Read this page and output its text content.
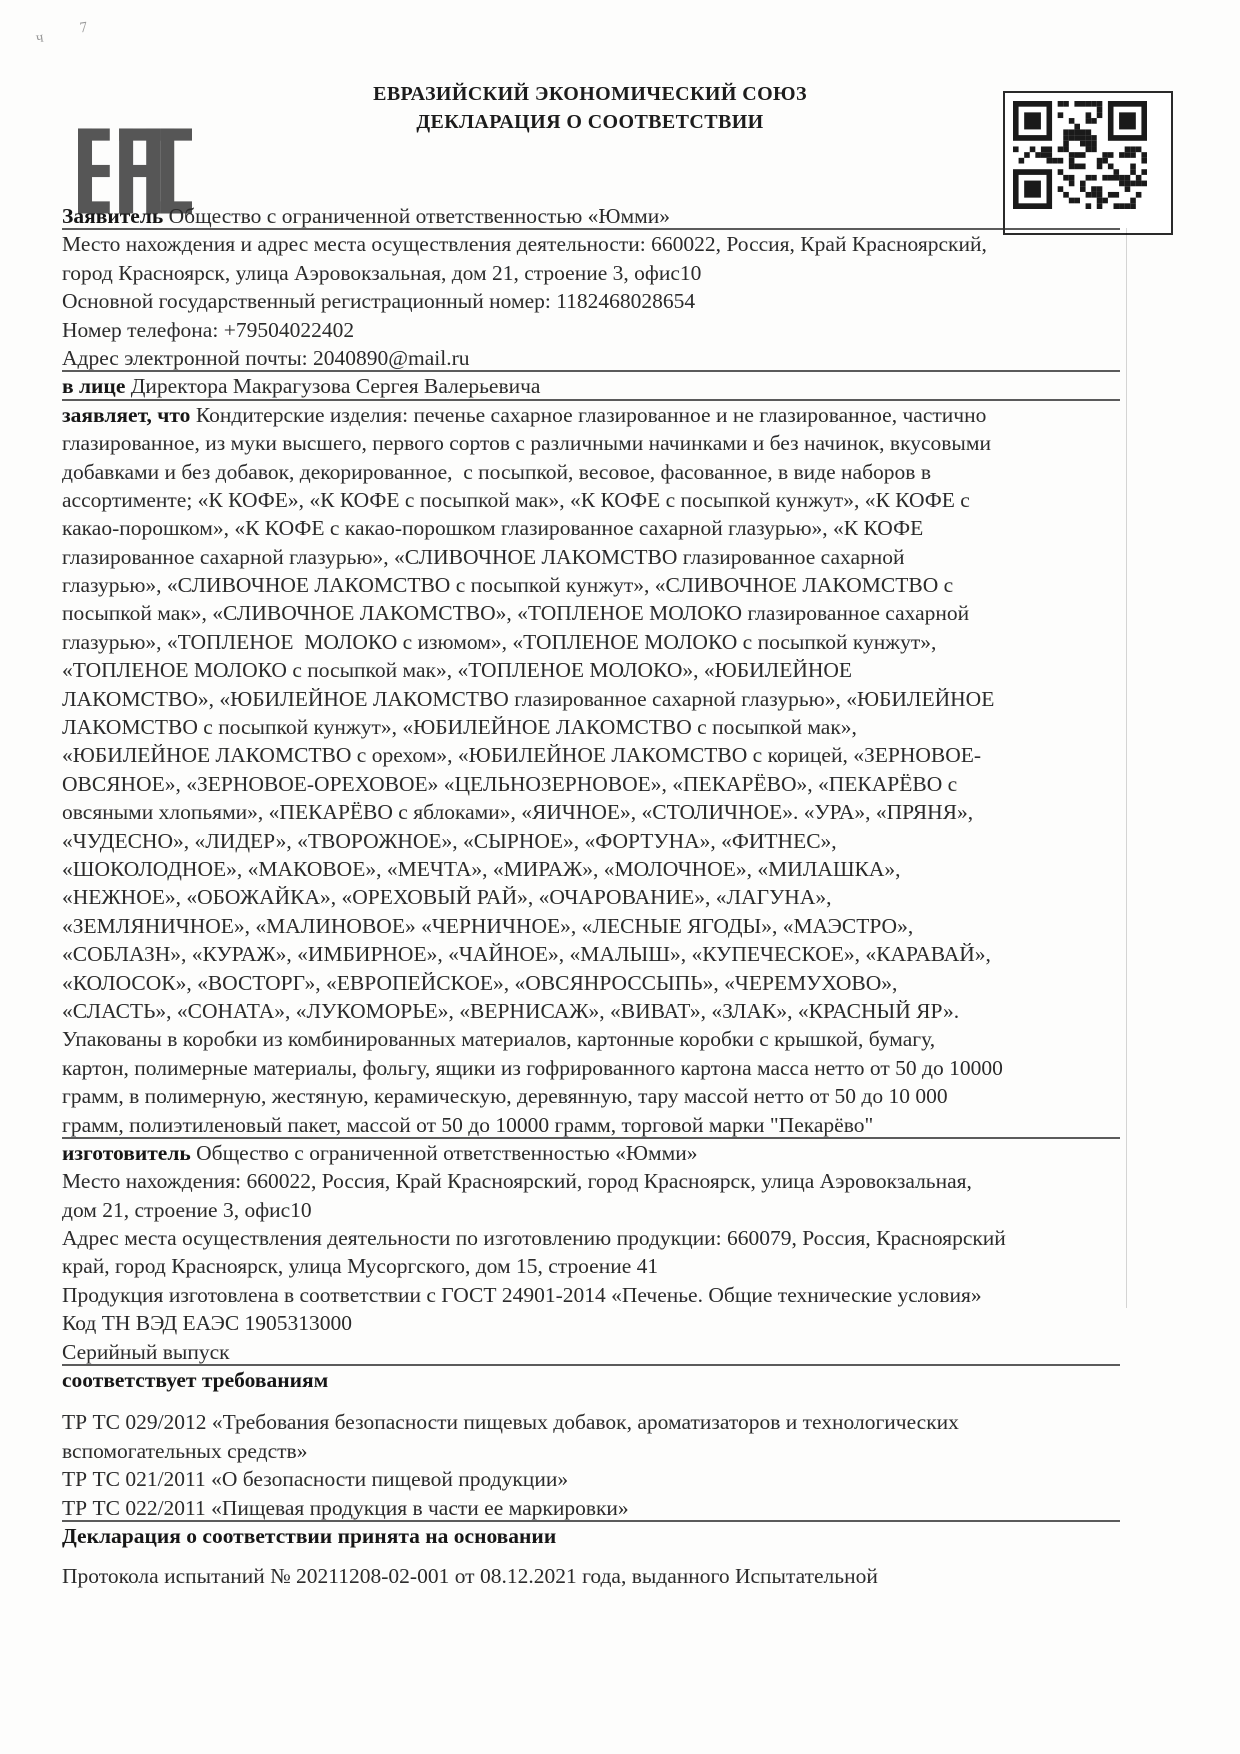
ЕВРАЗИЙСКИЙ ЭКОНОМИЧЕСКИЙ СОЮЗ
ДЕКЛАРАЦИЯ О СООТВЕТСТВИИ
ч
7
Заявитель Общество с ограниченной ответственностью «Юмми»
Место нахождения и адрес места осуществления деятельности: 660022, Россия, Край Красноярский,
город Красноярск, улица Аэровокзальная, дом 21, строение 3, офис10
Основной государственный регистрационный номер: 1182468028654
Номер телефона: +79504022402
Адрес электронной почты: 2040890@mail.ru
в лице Директора Макрагузова Сергея Валерьевича
заявляет, что Кондитерские изделия: печенье сахарное глазированное и не глазированное, частично
глазированное, из муки высшего, первого сортов с различными начинками и без начинок, вкусовыми
добавками и без добавок, декорированное,  с посыпкой, весовое, фасованное, в виде наборов в
ассортименте; «К КОФЕ», «К КОФЕ с посыпкой мак», «К КОФЕ с посыпкой кунжут», «К КОФЕ с
какао-порошком», «К КОФЕ с какао-порошком глазированное сахарной глазурью», «К КОФЕ
глазированное сахарной глазурью», «СЛИВОЧНОЕ ЛАКОМСТВО глазированное сахарной
глазурью», «СЛИВОЧНОЕ ЛАКОМСТВО с посыпкой кунжут», «СЛИВОЧНОЕ ЛАКОМСТВО с
посыпкой мак», «СЛИВОЧНОЕ ЛАКОМСТВО», «ТОПЛЕНОЕ МОЛОКО глазированное сахарной
глазурью», «ТОПЛЕНОЕ  МОЛОКО с изюмом», «ТОПЛЕНОЕ МОЛОКО с посыпкой кунжут»,
«ТОПЛЕНОЕ МОЛОКО с посыпкой мак», «ТОПЛЕНОЕ МОЛОКО», «ЮБИЛЕЙНОЕ
ЛАКОМСТВО», «ЮБИЛЕЙНОЕ ЛАКОМСТВО глазированное сахарной глазурью», «ЮБИЛЕЙНОЕ
ЛАКОМСТВО с посыпкой кунжут», «ЮБИЛЕЙНОЕ ЛАКОМСТВО с посыпкой мак»,
«ЮБИЛЕЙНОЕ ЛАКОМСТВО с орехом», «ЮБИЛЕЙНОЕ ЛАКОМСТВО с корицей, «ЗЕРНОВОЕ-
ОВСЯНОЕ», «ЗЕРНОВОЕ-ОРЕХОВОЕ» «ЦЕЛЬНОЗЕРНОВОЕ», «ПЕКАРЁВО», «ПЕКАРЁВО с
овсяными хлопьями», «ПЕКАРЁВО с яблоками», «ЯИЧНОЕ», «СТОЛИЧНОЕ». «УРА», «ПРЯНЯ»,
«ЧУДЕСНО», «ЛИДЕР», «ТВОРОЖНОЕ», «СЫРНОЕ», «ФОРТУНА», «ФИТНЕС»,
«ШОКОЛОДНОЕ», «МАКОВОЕ», «МЕЧТА», «МИРАЖ», «МОЛОЧНОЕ», «МИЛАШКА»,
«НЕЖНОЕ», «ОБОЖАЙКА», «ОРЕХОВЫЙ РАЙ», «ОЧАРОВАНИЕ», «ЛАГУНА»,
«ЗЕМЛЯНИЧНОЕ», «МАЛИНОВОЕ» «ЧЕРНИЧНОЕ», «ЛЕСНЫЕ ЯГОДЫ», «МАЭСТРО»,
«СОБЛАЗН», «КУРАЖ», «ИМБИРНОЕ», «ЧАЙНОЕ», «МАЛЫШ», «КУПЕЧЕСКОЕ», «КАРАВАЙ»,
«КОЛОСОК», «ВОСТОРГ», «ЕВРОПЕЙСКОЕ», «ОВСЯНРОССЫПЬ», «ЧЕРЕМУХОВО»,
«СЛАСТЬ», «СОНАТА», «ЛУКОМОРЬЕ», «ВЕРНИСАЖ», «ВИВАТ», «ЗЛАК», «КРАСНЫЙ ЯР».
Упакованы в коробки из комбинированных материалов, картонные коробки с крышкой, бумагу,
картон, полимерные материалы, фольгу, ящики из гофрированного картона масса нетто от 50 до 10000
грамм, в полимерную, жестяную, керамическую, деревянную, тару массой нетто от 50 до 10 000
грамм, полиэтиленовый пакет, массой от 50 до 10000 грамм, торговой марки "Пекарёво"
изготовитель Общество с ограниченной ответственностью «Юмми»
Место нахождения: 660022, Россия, Край Красноярский, город Красноярск, улица Аэровокзальная,
дом 21, строение 3, офис10
Адрес места осуществления деятельности по изготовлению продукции: 660079, Россия, Красноярский
край, город Красноярск, улица Мусоргского, дом 15, строение 41
Продукция изготовлена в соответствии с ГОСТ 24901-2014 «Печенье. Общие технические условия»
Код ТН ВЭД ЕАЭС 1905313000
Серийный выпуск
соответствует требованиям
ТР ТС 029/2012 «Требования безопасности пищевых добавок, ароматизаторов и технологических
вспомогательных средств»
ТР ТС 021/2011 «О безопасности пищевой продукции»
ТР ТС 022/2011 «Пищевая продукция в части ее маркировки»
Декларация о соответствии принята на основании
Протокола испытаний № 20211208-02-001 от 08.12.2021 года, выданного Испытательной
